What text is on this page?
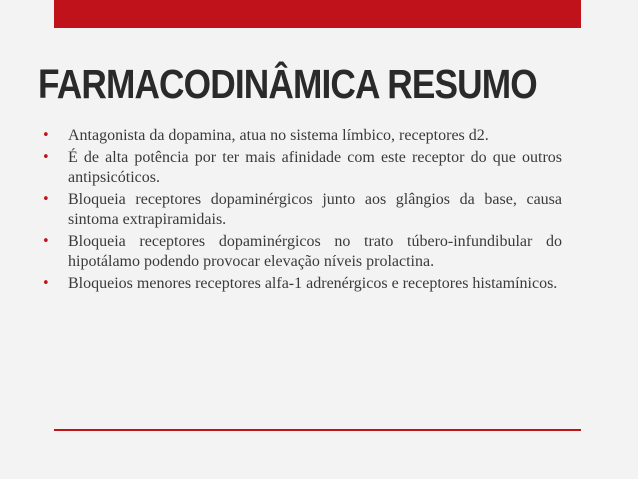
FARMACODINÂMICA RESUMO
• Antagonista da dopamina, atua no sistema límbico, receptores d2.
• É de alta potência por ter mais afinidade com este receptor do que outros antipsicóticos.
• Bloqueia receptores dopaminérgicos junto aos glângios da base, causa sintoma extrapiramidais.
• Bloqueia receptores dopaminérgicos no trato túbero-infundibular do hipotálamo podendo provocar elevação níveis prolactina.
• Bloqueios menores receptores alfa-1 adrenérgicos e receptores histamínicos.
